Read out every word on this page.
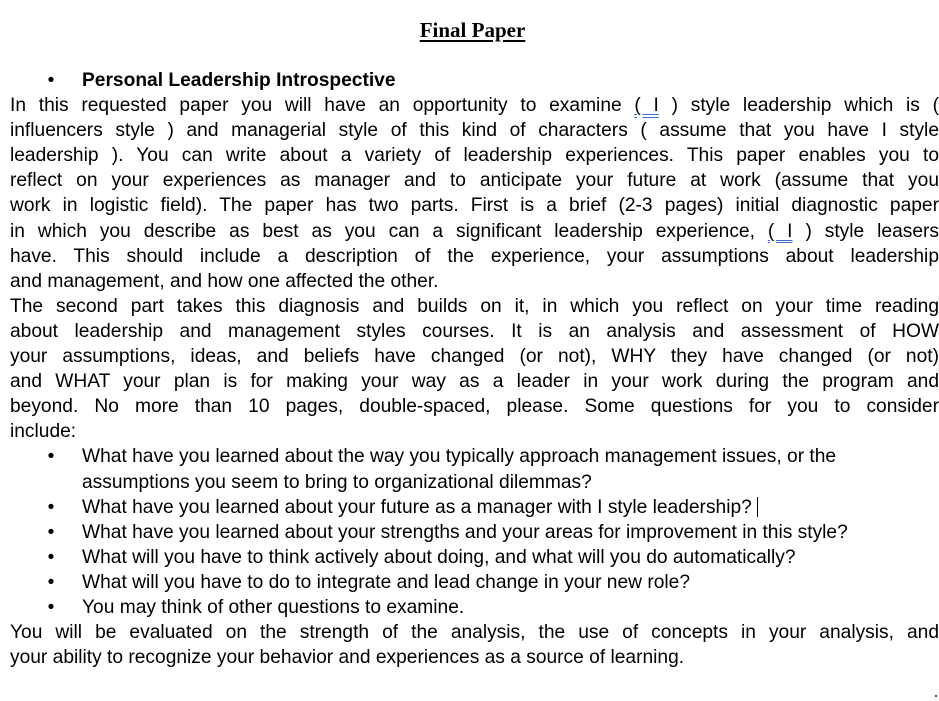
Final Paper
• Personal Leadership Introspective
In this requested paper you will have an opportunity to examine ( I ) style leadership which is (
influencers style ) and managerial style of this kind of characters ( assume that you have I style
leadership ). You can write about a variety of leadership experiences. This paper enables you to
reflect on your experiences as manager and to anticipate your future at work (assume that you
work in logistic field). The paper has two parts. First is a brief (2-3 pages) initial diagnostic paper
in which you describe as best as you can a significant leadership experience, ( I ) style leasers
have. This should include a description of the experience, your assumptions about leadership
and management, and how one affected the other.
The second part takes this diagnosis and builds on it, in which you reflect on your time reading
about leadership and management styles courses. It is an analysis and assessment of HOW
your assumptions, ideas, and beliefs have changed (or not), WHY they have changed (or not)
and WHAT your plan is for making your way as a leader in your work during the program and
beyond. No more than 10 pages, double-spaced, please. Some questions for you to consider
include:
• What have you learned about the way you typically approach management issues, or the
assumptions you seem to bring to organizational dilemmas?
• What have you learned about your future as a manager with I style leadership?
• What have you learned about your strengths and your areas for improvement in this style?
• What will you have to think actively about doing, and what will you do automatically?
• What will you have to do to integrate and lead change in your new role?
• You may think of other questions to examine.
You will be evaluated on the strength of the analysis, the use of concepts in your analysis, and
your ability to recognize your behavior and experiences as a source of learning.
